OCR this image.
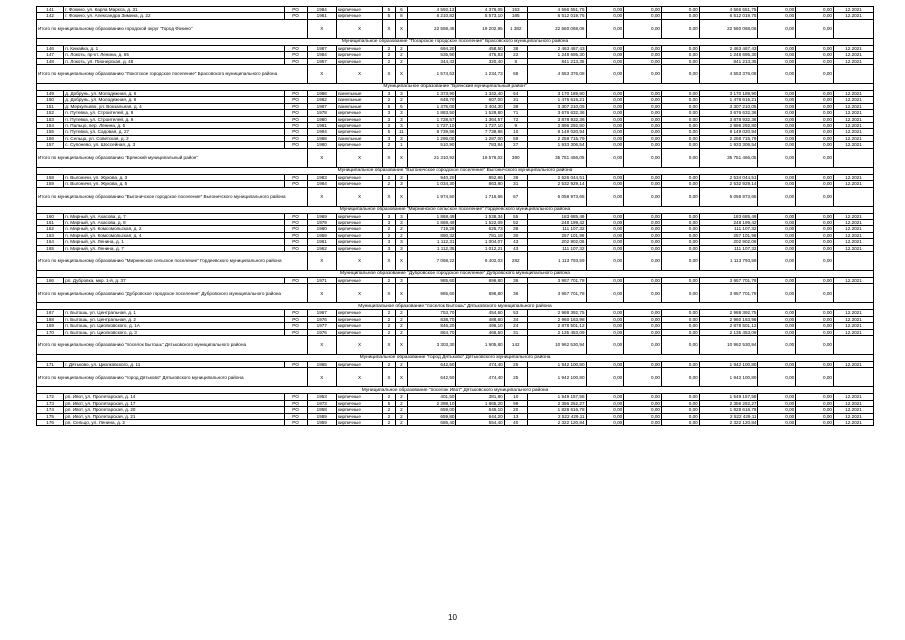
141	г. Фокино, ул. Карла Маркса, д. 31	РО	1984	кирпичные	5	6	4 592,13	4 376,05	153	4 566 551,75	0,00	0,00	0,00	4 566 551,75	0,00	0,00	12.2021
142	г. Фокино, ул. Александра Зимина, д. 22	РО	1981	кирпичные	5	8	6 210,82	5 573,10	185	6 512 019,75	0,00	0,00	0,00	6 512 019,75	0,00	0,00	12.2021
Итого по муниципальному образованию городской округ "Город Фокино"			Х	Х	Х	Х	22 558,45	19 202,95	1 382	22 560 068,06	0,00	0,00	0,00	22 560 068,06	0,00	0,00	
Муниципальное образование "Погарское городское поселение" Брасовского муниципального района																	
146	п. Кинайка, д. 1	РО	1987	кирпичные	2	2	694,20	458,50	38	2 463 467,43	0,00	0,00	0,00	2 463 467,43	0,00	0,00	12.2021
147	п. Локоть, пр-кт. Ленина, д. 65	РО	1984	кирпичные	2	2	535,90	475,83	22	1 248 695,30	0,00	0,00	0,00	1 248 695,30	0,00	0,00	12.2021
148	п. Локоть, ул. Пионерская, д. 48	РО	1957	кирпичные	2	2	344,43	320,40	8	841 213,35	0,00	0,00	0,00	841 213,35	0,00	0,00	12.2021
Итого по муниципальному образованию "Локотское городское поселение" Брасовского муниципального района			Х	Х	Х	Х	1 574,53	1 234,73	68	4 553 376,08	0,00	0,00	0,00	4 553 376,08	0,00	0,00	
Муниципальное образование "Брянский муниципальный район"																	
149	д. Добрунь, ул. Молодежная, д. 5	РО	1986	панельные	3	3	1 373,90	1 342,40	64	3 170 189,90	0,00	0,00	0,00	3 170 189,90	0,00	0,00	12.2021
150	д. Добрунь, ул. Молодежная, д. 6	РО	1982	панельные	2	2	648,70	607,00	31	1 476 615,21	0,00	0,00	0,00	1 476 615,21	0,00	0,00	12.2021
151	д. Меркульево, ул. Вокзальная, д. 4	РО	1967	панельные	5	5	1 475,00	3 404,30	38	3 307 210,05	0,00	0,00	0,00	3 307 210,05	0,00	0,00	12.2021
152	п. Путевка, ул. Строителей, д. 8	РО	1978	кирпичные	3	3	1 883,50	1 529,80	71	3 676 632,36	0,00	0,00	0,00	3 676 632,36	0,00	0,00	12.2021
153	п. Путевка, ул. Строителей, д. 9	РО	1980	кирпичные	3	3	1 728,57	1 364,57	72	3 878 932,36	0,00	0,00	0,00	3 878 932,36	0,00	0,00	12.2021
154	п. Пальцо, пер. Ленина, д. 5	РО	1981	кирпичные	2	3	1 727,10	1 727,10	9	2 896 292,80	0,00	0,00	0,00	2 896 292,80	0,00	0,00	12.2021
155	п. Путевка, ул. Садовая, д. 27	РО	1994	кирпичные	5	11	8 739,86	7 739,86	10	8 149 020,94	0,00	0,00	0,00	8 149 020,94	0,00	0,00	12.2021
156	п. Сельцо, ул. Советская, д. 2	РО	1968	панельные	3	3	1 296,00	1 287,00	59	2 258 715,79	0,00	0,00	0,00	2 258 715,79	0,00	0,00	12.2021
157	с. Супонево, ул. Шоссейная, д. 3	РО	1980	кирпичные	2	1	510,90	783,84	27	1 933 306,54	0,00	0,00	0,00	1 933 306,54	0,00	0,00	12.2021
Итого по муниципальному образованию "Брянский муниципальный район"			Х	Х	Х	Х	21 310,92	18 576,02	390	35 751 466,05	0,00	0,00	0,00	35 751 466,05	0,00	0,00	
Муниципальное образование "Выгоничское городское поселение" Выгоничского муниципального района																	
158	п. Выгоничи, ул. Жукова, д. 3	РО	1983	кирпичные	2	3	940,20	852,86	36	2 526 044,51	0,00	0,00	0,00	2 534 044,51	0,00	0,00	12.2021
159	п. Выгоничи, ул. Жукова, д. 5	РО	1984	кирпичные	2	3	1 034,30	863,80	31	2 532 929,14	0,00	0,00	0,00	2 532 929,14	0,00	0,00	12.2021
Итого по муниципальному образованию "Выгоничское городское поселение" Выгоничского муниципального района			Х	Х	Х	Х	1 974,50	1 716,66	67	5 058 973,65	0,00	0,00	0,00	5 058 973,65	0,00	0,00	
Муниципальное образование "Мирнинское сельское поселение" Гордеевского муниципального района																	
160	п. Мирный, ул. Ахасова, д. 7	РО	1969	кирпичные	3	3	1 868,49	1 538,34	55	183 685,49	0,00	0,00	0,00	183 685,49	0,00	0,00	12.2021
161	п. Мирный, ул. Ахасова, д. 8	РО	1979	кирпичные	3	3	1 868,49	1 522,09	52	248 199,42	0,00	0,00	0,00	248 199,42	0,00	0,00	12.2021
162	п. Мирный, ул. Комсомольская, д. 2	РО	1960	кирпичные	2	2	719,28	625,73	38	111 107,32	0,00	0,00	0,00	111 107,32	0,00	0,00	12.2021
163	п. Мирный, ул. Комсомольская, д. 4	РО	1959	кирпичные	2	2	890,32	781,19	30	257 101,98	0,00	0,00	0,00	257 101,98	0,00	0,00	12.2021
164	п. Мирный, ул. Ленина, д. 1	РО	1961	кирпичные	3	3	1 112,31	1 004,07	43	202 902,06	0,00	0,00	0,00	202 902,06	0,00	0,00	12.2021
165	п. Мирный, ул. Ленина, д. 7	РО	1962	кирпичные	3	3	1 112,35	1 012,21	43	111 107,32	0,00	0,00	0,00	111 107,32	0,00	0,00	12.2021
Итого по муниципальному образованию "Мирнинское сельское поселение" Гордеевского муниципального района			Х	Х	Х	Х	7 068,22	6 402,03	282	1 113 793,59	0,00	0,00	0,00	1 113 793,59	0,00	0,00	
Муниципальное образование "Дубровское городское поселение" Дубровского муниципального района																	
166	рп. Дубровка, мкр. 1-й, д. 37	РО	1971	кирпичные	2	3	985,60	896,80	36	3 957 701,78	0,00	0,00	0,00	3 957 701,78	0,00	0,00	12.2021
Итого по муниципальному образованию "Дубровское городское поселение" Дубровского муниципального района			Х	Х	Х	Х	985,60	896,80	36	3 957 701,78	0,00	0,00	0,00	3 957 701,78	0,00	0,00	
Муниципальное образование "поселок Бытошь" Дятьковского муниципального района																	
167	п. Бытошь, ул. Центральная, д. 1	РО	1967	кирпичные	2	2	753,70	454,60	53	2 988 392,75	0,00	0,00	0,00	2 988 392,75	0,00	0,00	12.2021
168	п. Бытошь, ул. Центральная, д. 2	РО	1976	кирпичные	2	2	838,70	488,60	34	2 960 163,98	0,00	0,00	0,00	2 960 163,98	0,00	0,00	12.2021
169	п. Бытошь, ул. Циолковского, д. 1А	РО	1977	кирпичные	2	2	846,20	496,10	24	2 878 501,12	0,00	0,00	0,00	2 878 501,12	0,00	0,00	12.2021
170	п. Бытошь, ул. Циолковского, д. 3	РО	1976	кирпичные	2	2	864,70	466,50	31	2 135 453,09	0,00	0,00	0,00	2 135 453,09	0,00	0,00	12.2021
Итого по муниципальному образованию "поселок Бытошь" Дятьковского муниципального района			Х	Х	Х	Х	3 303,30	1 905,80	142	10 962 530,94	0,00	0,00	0,00	10 962 530,94	0,00	0,00	
Муниципальное образование "город Дятьково" Дятьковского муниципального района																	
171	г. Дятьково, ул. Циолковского, д. 11	РО	1965	кирпичные	2	2	642,50	474,40	25	1 942 100,80	0,00	0,00	0,00	1 942 100,80	0,00	0,00	12.2021
Итого по муниципальному образованию "город Дятьково" Дятьковского муниципального района			Х	Х	Х	Х	642,50	474,40	25	1 942 100,80	0,00	0,00	0,00	1 942 100,80	0,00	0,00	
Муниципальное образование "поселок Ивот" Дятьковского муниципального района																	
172	рп. Ивот, ул. Пролетарская, д. 14	РО	1953	кирпичные	2	2	401,50	381,80	10	1 549 157,58	0,00	0,00	0,00	1 549 157,58	0,00	0,00	12.2021
173	рп. Ивот, ул. Пролетарская, д. 17	РО	1973	кирпичные	5	2	2 398,10	1 865,20	99	2 356 252,27	0,00	0,00	0,00	2 356 252,27	0,00	0,00	12.2021
174	рп. Ивот, ул. Пролетарская, д. 20	РО	1958	кирпичные	2	2	659,00	645,10	20	1 828 616,78	0,00	0,00	0,00	1 828 616,78	0,00	0,00	12.2021
175	рп. Ивот, ул. Пролетарская, д. 21	РО	1959	кирпичные	2	2	659,80	644,20	13	2 522 429,11	0,00	0,00	0,00	2 522 429,11	0,00	0,00	12.2021
176	рп. Сельцо, ул. Ленина, д. 2	РО	1959	кирпичные	2	2	686,40	554,40	40	2 322 120,84	0,00	0,00	0,00	2 322 120,84	0,00	0,00	12.2021
10
